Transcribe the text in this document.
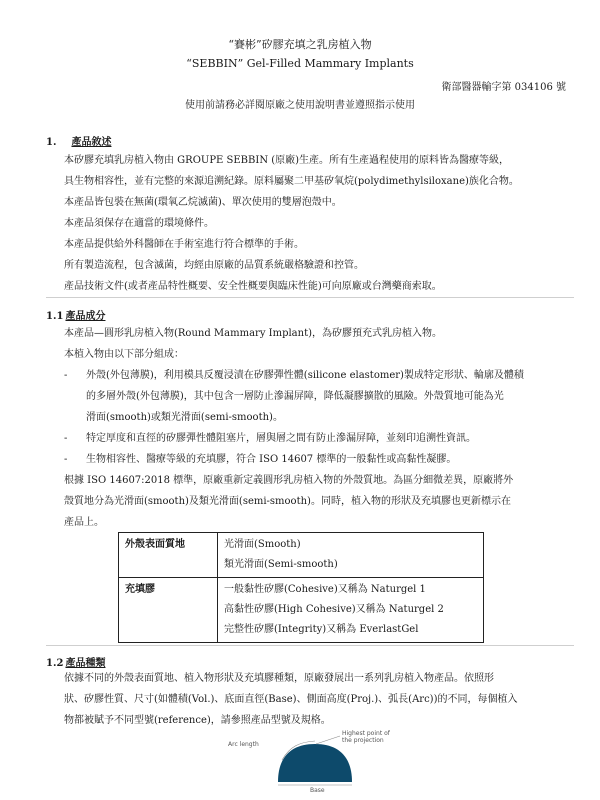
“賽彬”矽膠充填之乳房植入物
“SEBBIN” Gel-Filled Mammary Implants
衛部醫器輸字第 034106 號
使用前請務必詳閱原廠之使用說明書並遵照指示使用
1. 產品敘述
本矽膠充填乳房植入物由 GROUPE SEBBIN (原廠)生產。所有生產過程使用的原料皆為醫療等級，
具生物相容性，並有完整的來源追溯紀錄。原料屬聚二甲基矽氧烷(polydimethylsiloxane)族化合物。
本產品皆包裝在無菌(環氧乙烷滅菌)、單次使用的雙層泡殼中。
本產品須保存在適當的環境條件。
本產品提供給外科醫師在手術室進行符合標準的手術。
所有製造流程，包含滅菌，均經由原廠的品質系統嚴格驗證和控管。
產品技術文件(或者產品特性概要、安全性概要與臨床性能)可向原廠或台灣藥商索取。
1.1 產品成分
本產品—圓形乳房植入物(Round Mammary Implant)，為矽膠預充式乳房植入物。
本植入物由以下部分組成：
- 外殼(外包薄膜)，利用模具反覆浸漬在矽膠彈性體(silicone elastomer)製成特定形狀、輪廓及體積
的多層外殼(外包薄膜)，其中包含一層防止滲漏屏障，降低凝膠擴散的風險。外殼質地可能為光
滑面(smooth)或類光滑面(semi-smooth)。
- 特定厚度和直徑的矽膠彈性體阻塞片，層與層之間有防止滲漏屏障，並刻印追溯性資訊。
- 生物相容性、醫療等級的充填膠，符合 ISO 14607 標準的一般黏性或高黏性凝膠。
根據 ISO 14607:2018 標準，原廠重新定義圓形乳房植入物的外殼質地。為區分細微差異，原廠將外
殼質地分為光滑面(smooth)及類光滑面(semi-smooth)。同時，植入物的形狀及充填膠也更新標示在
產品上。
外殼表面質地	光滑面(Smooth)
類光滑面(Semi-smooth)

充填膠	一般黏性矽膠(Cohesive)又稱為 Naturgel 1
高黏性矽膠(High Cohesive)又稱為 Naturgel 2
完整性矽膠(Integrity)又稱為 EverlastGel
1.2 產品種類
依據不同的外殼表面質地、植入物形狀及充填膠種類，原廠發展出一系列乳房植入物產品。依照形
狀、矽膠性質、尺寸(如體積(Vol.)、底面直徑(Base)、側面高度(Proj.)、弧長(Arc))的不同，每個植入
物都被賦予不同型號(reference)，請參照產品型號及規格。
Arc length
Highest point of
the projection
Base
